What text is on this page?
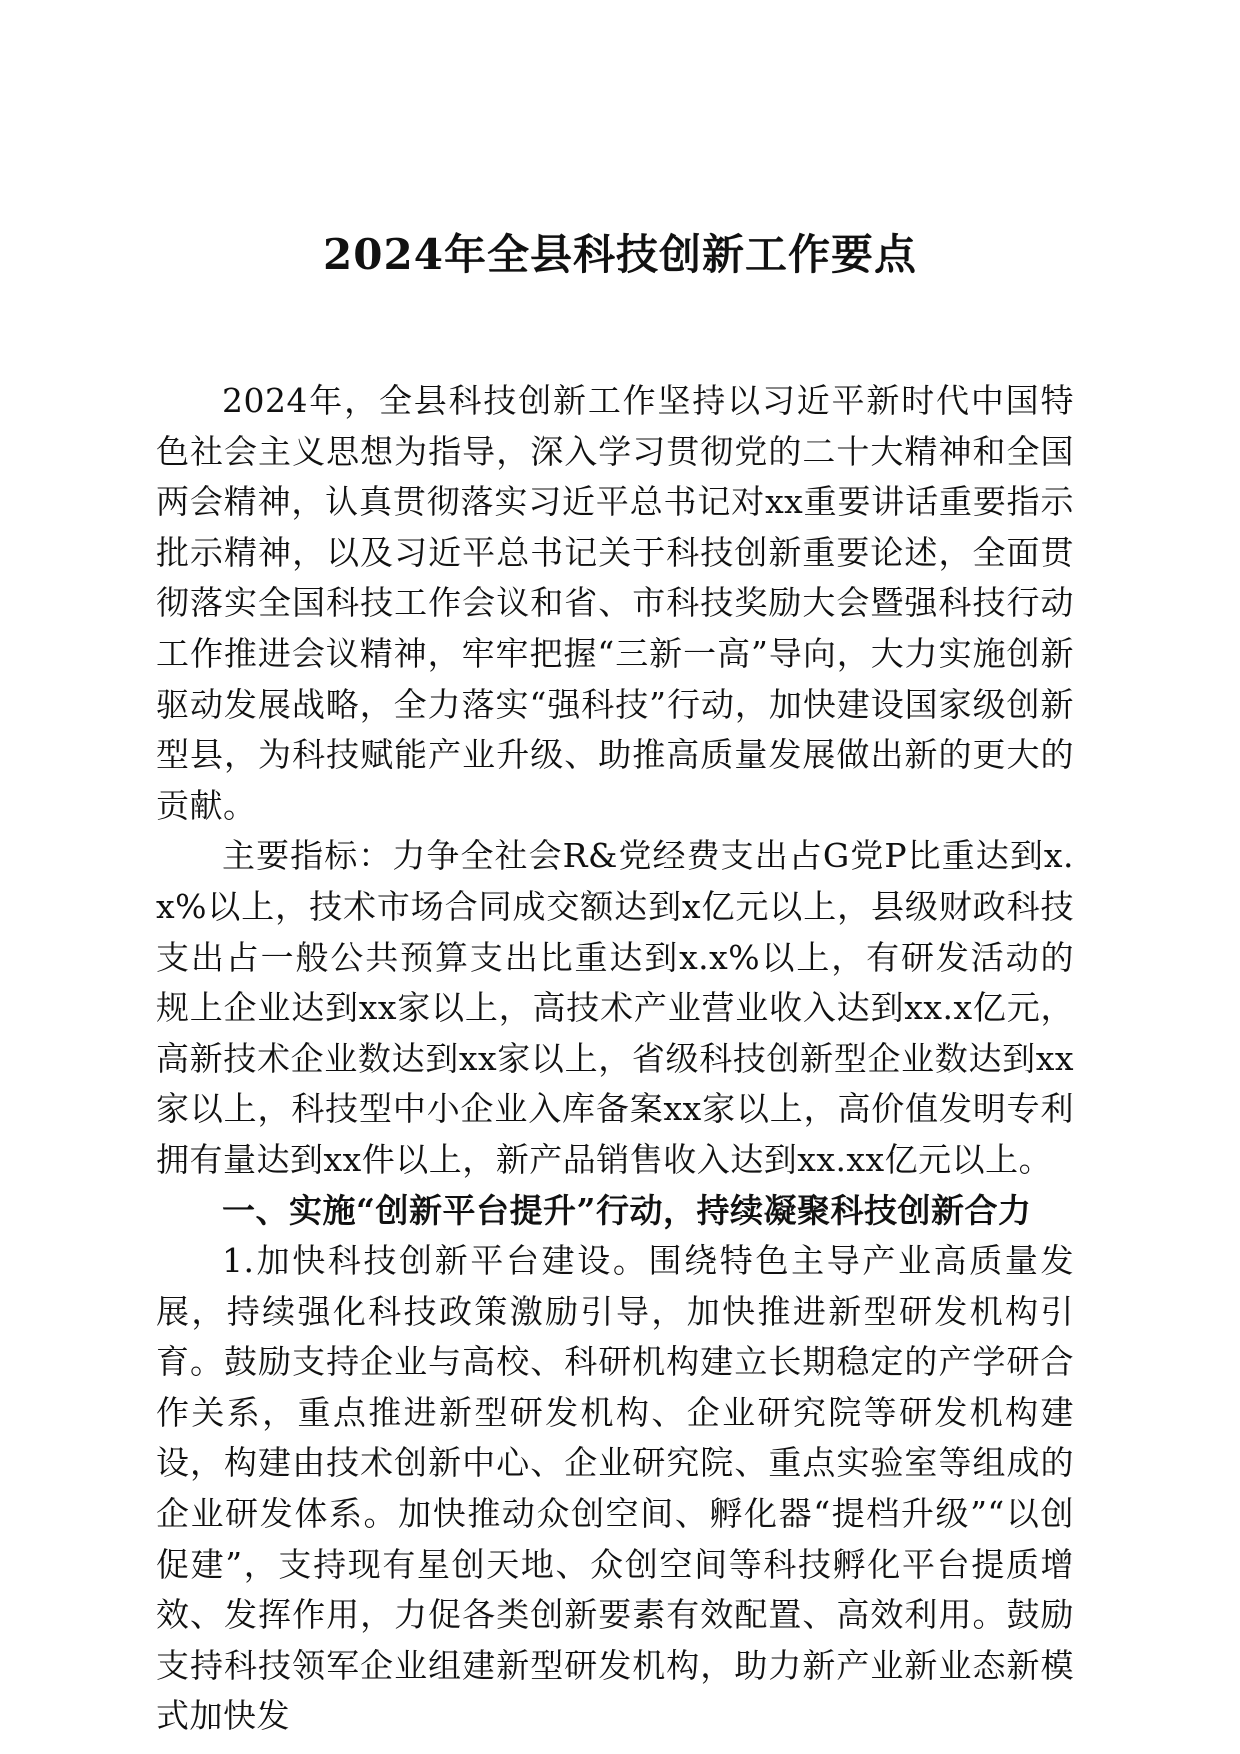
2024年全县科技创新工作要点

2024年，全县科技创新工作坚持以习近平新时代中国特色社会主义思想为指导，深入学习贯彻党的二十大精神和全国两会精神，认真贯彻落实习近平总书记对xx重要讲话重要指示批示精神，以及习近平总书记关于科技创新重要论述，全面贯彻落实全国科技工作会议和省、市科技奖励大会暨强科技行动工作推进会议精神，牢牢把握“三新一高”导向，大力实施创新驱动发展战略，全力落实“强科技”行动，加快建设国家级创新型县，为科技赋能产业升级、助推高质量发展做出新的更大的贡献。

主要指标：力争全社会R&党经费支出占G党P比重达到x.x%以上，技术市场合同成交额达到x亿元以上，县级财政科技支出占一般公共预算支出比重达到x.x%以上，有研发活动的规上企业达到xx家以上，高技术产业营业收入达到xx.x亿元，高新技术企业数达到xx家以上，省级科技创新型企业数达到xx家以上，科技型中小企业入库备案xx家以上，高价值发明专利拥有量达到xx件以上，新产品销售收入达到xx.xx亿元以上。

一、实施“创新平台提升”行动，持续凝聚科技创新合力

1.加快科技创新平台建设。围绕特色主导产业高质量发展，持续强化科技政策激励引导，加快推进新型研发机构引育。鼓励支持企业与高校、科研机构建立长期稳定的产学研合作关系，重点推进新型研发机构、企业研究院等研发机构建设，构建由技术创新中心、企业研究院、重点实验室等组成的企业研发体系。加快推动众创空间、孵化器“提档升级”“以创促建”，支持现有星创天地、众创空间等科技孵化平台提质增效、发挥作用，力促各类创新要素有效配置、高效利用。鼓励支持科技领军企业组建新型研发机构，助力新产业新业态新模式加快发
